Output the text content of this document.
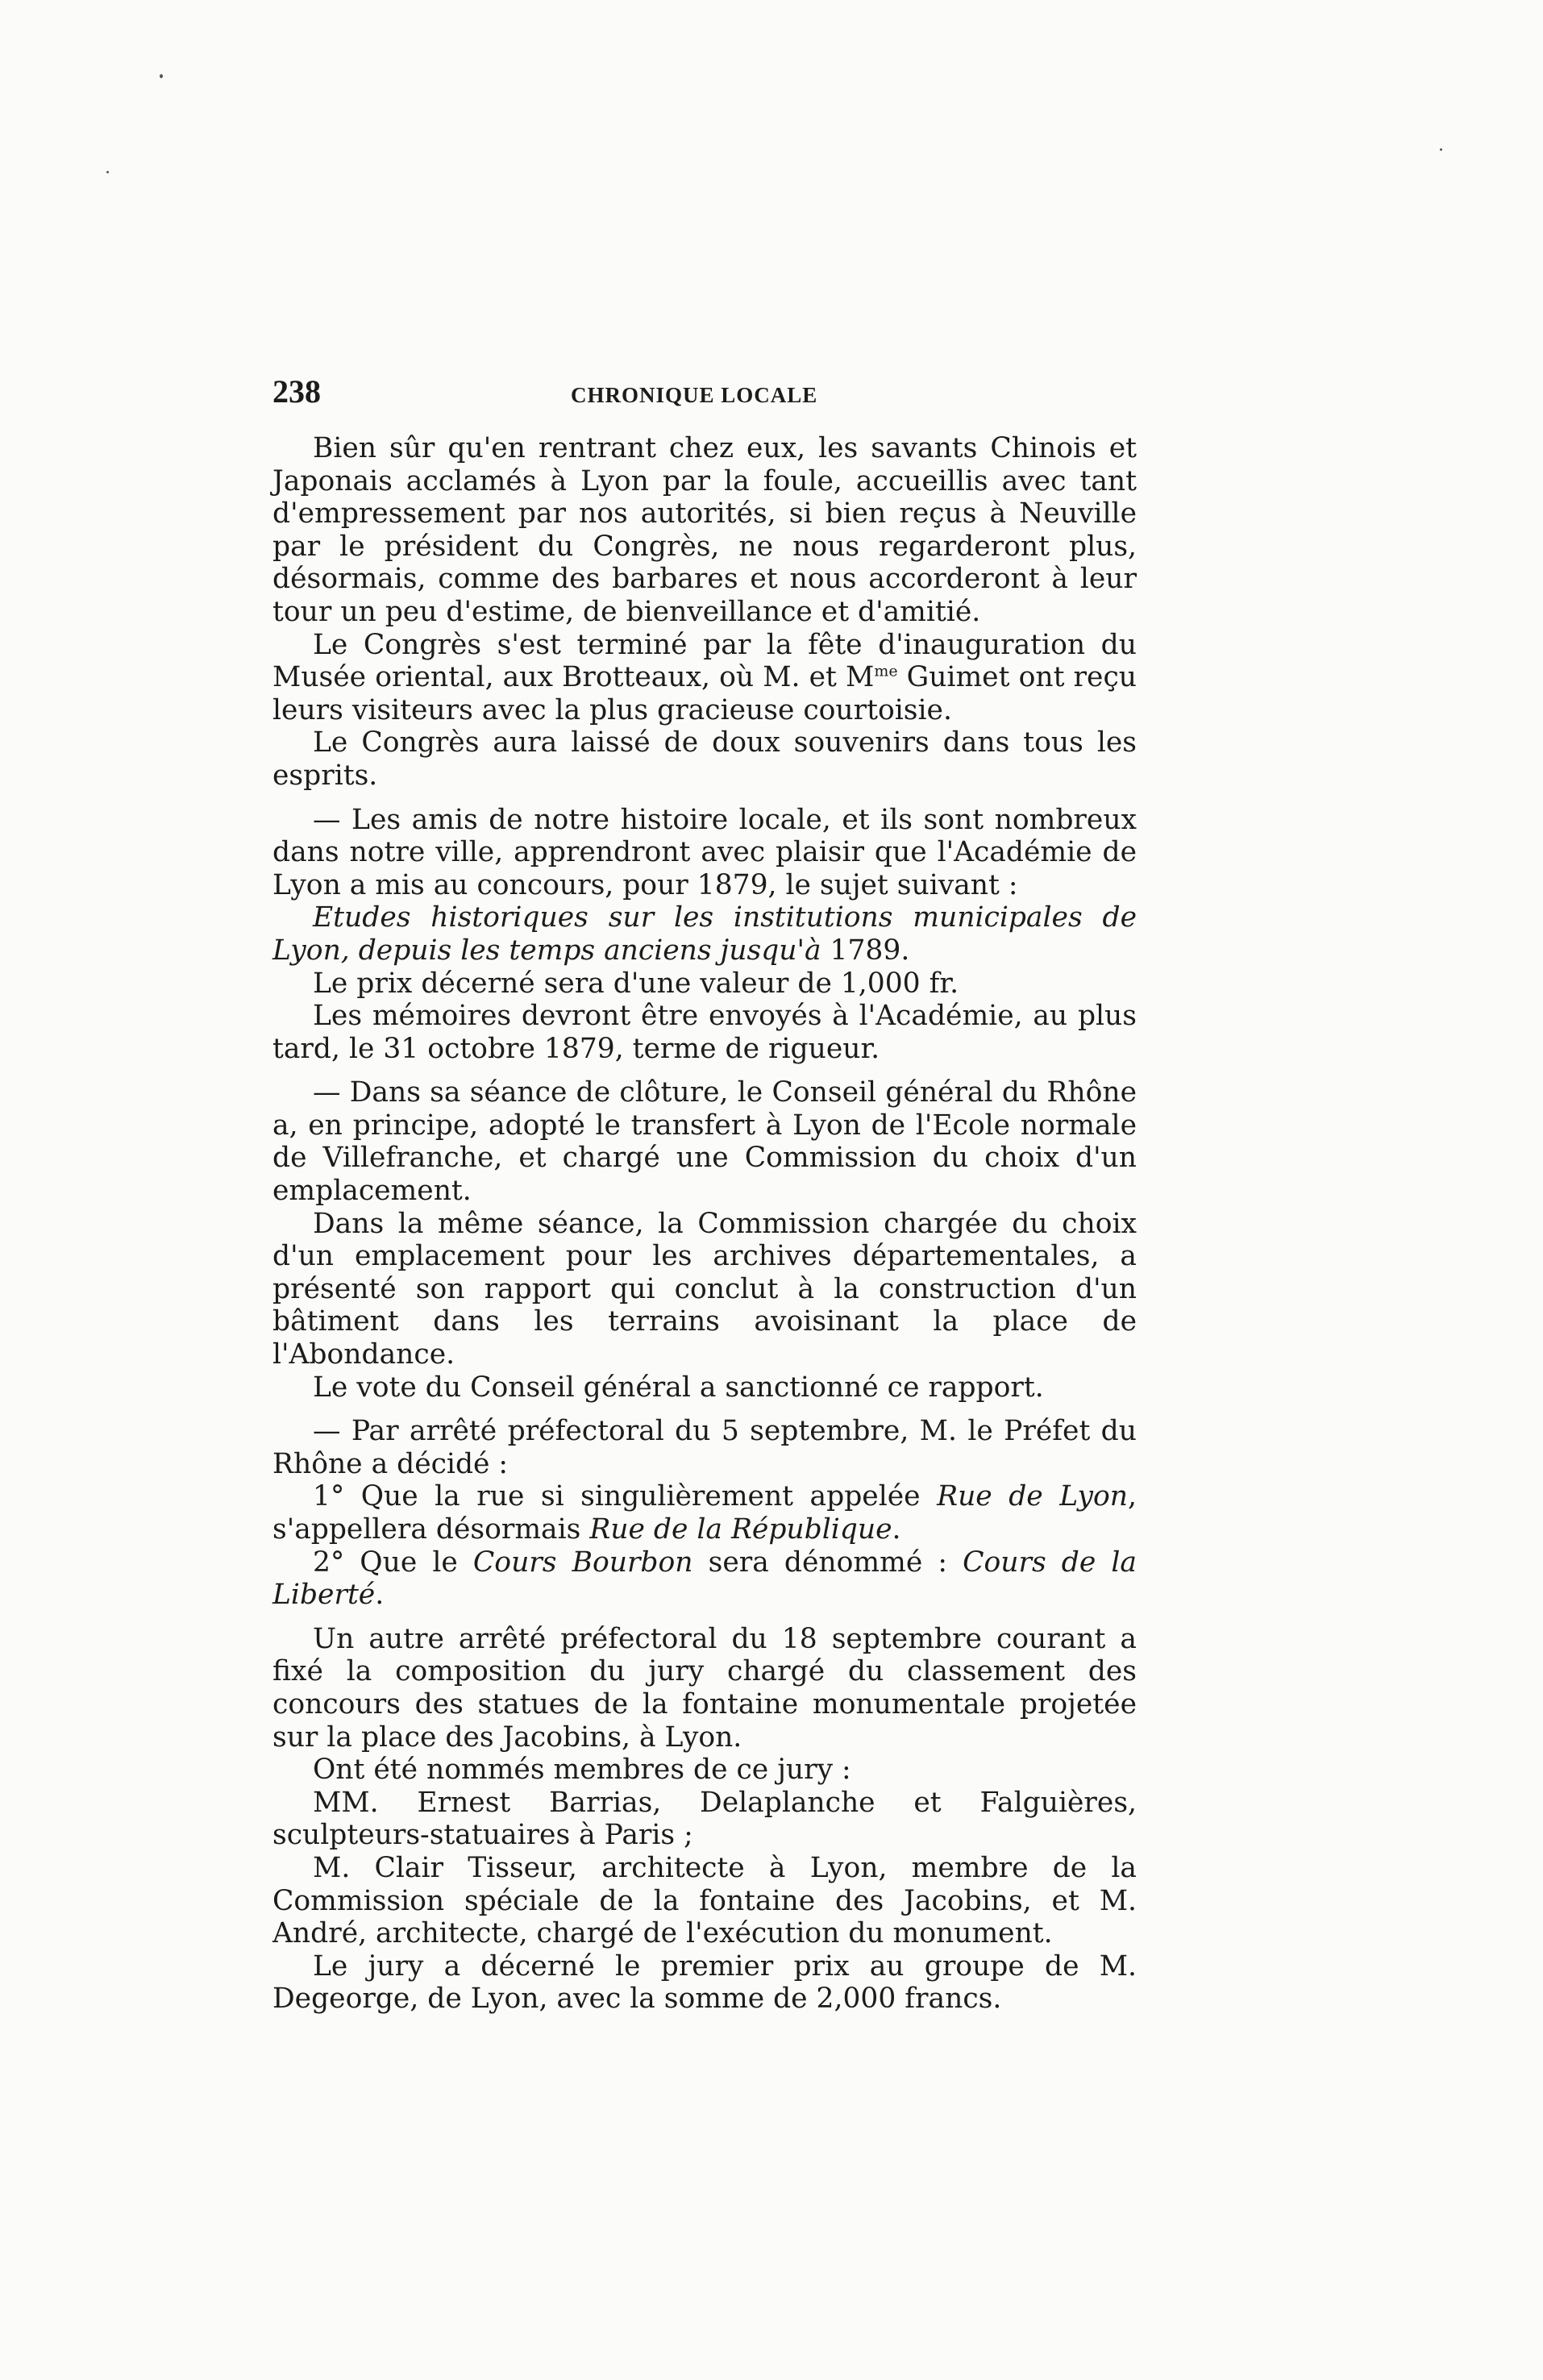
238	CHRONIQUE LOCALE

Bien sûr qu'en rentrant chez eux, les savants Chinois et Japonais acclamés à Lyon par la foule, accueillis avec tant d'empressement par nos autorités, si bien reçus à Neuville par le président du Congrès, ne nous regarderont plus, désormais, comme des barbares et nous accorderont à leur tour un peu d'estime, de bienveillance et d'amitié.

Le Congrès s'est terminé par la fête d'inauguration du Musée oriental, aux Brotteaux, où M. et $M^{me}$ Guimet ont reçu leurs visiteurs avec la plus gracieuse courtoisie.

Le Congrès aura laissé de doux souvenirs dans tous les esprits.

— Les amis de notre histoire locale, et ils sont nombreux dans notre ville, apprendront avec plaisir que l'Académie de Lyon a mis au concours, pour 1879, le sujet suivant :

Etudes historiques sur les institutions municipales de Lyon, depuis les temps anciens jusqu'à 1789.

Le prix décerné sera d'une valeur de 1,000 fr.

Les mémoires devront être envoyés à l'Académie, au plus tard, le 31 octobre 1879, terme de rigueur.

— Dans sa séance de clôture, le Conseil général du Rhône a, en principe, adopté le transfert à Lyon de l'Ecole normale de Villefranche, et chargé une Commission du choix d'un emplacement.

Dans la même séance, la Commission chargée du choix d'un emplacement pour les archives départementales, a présenté son rapport qui conclut à la construction d'un bâtiment dans les terrains avoisinant la place de l'Abondance.

Le vote du Conseil général a sanctionné ce rapport.

— Par arrêté préfectoral du 5 septembre, M. le Préfet du Rhône a décidé :

1° Que la rue si singulièrement appelée Rue de Lyon, s'appellera désormais Rue de la République.

2° Que le Cours Bourbon sera dénommé : Cours de la Liberté.

Un autre arrêté préfectoral du 18 septembre courant a fixé la composition du jury chargé du classement des concours des statues de la fontaine monumentale projetée sur la place des Jacobins, à Lyon.

Ont été nommés membres de ce jury :

MM. Ernest Barrias, Delaplanche et Falguières, sculpteurs-statuaires à Paris ;

M. Clair Tisseur, architecte à Lyon, membre de la Commission spéciale de la fontaine des Jacobins, et M. André, architecte, chargé de l'exécution du monument.

Le jury a décerné le premier prix au groupe de M. Degeorge, de Lyon, avec la somme de 2,000 francs.
